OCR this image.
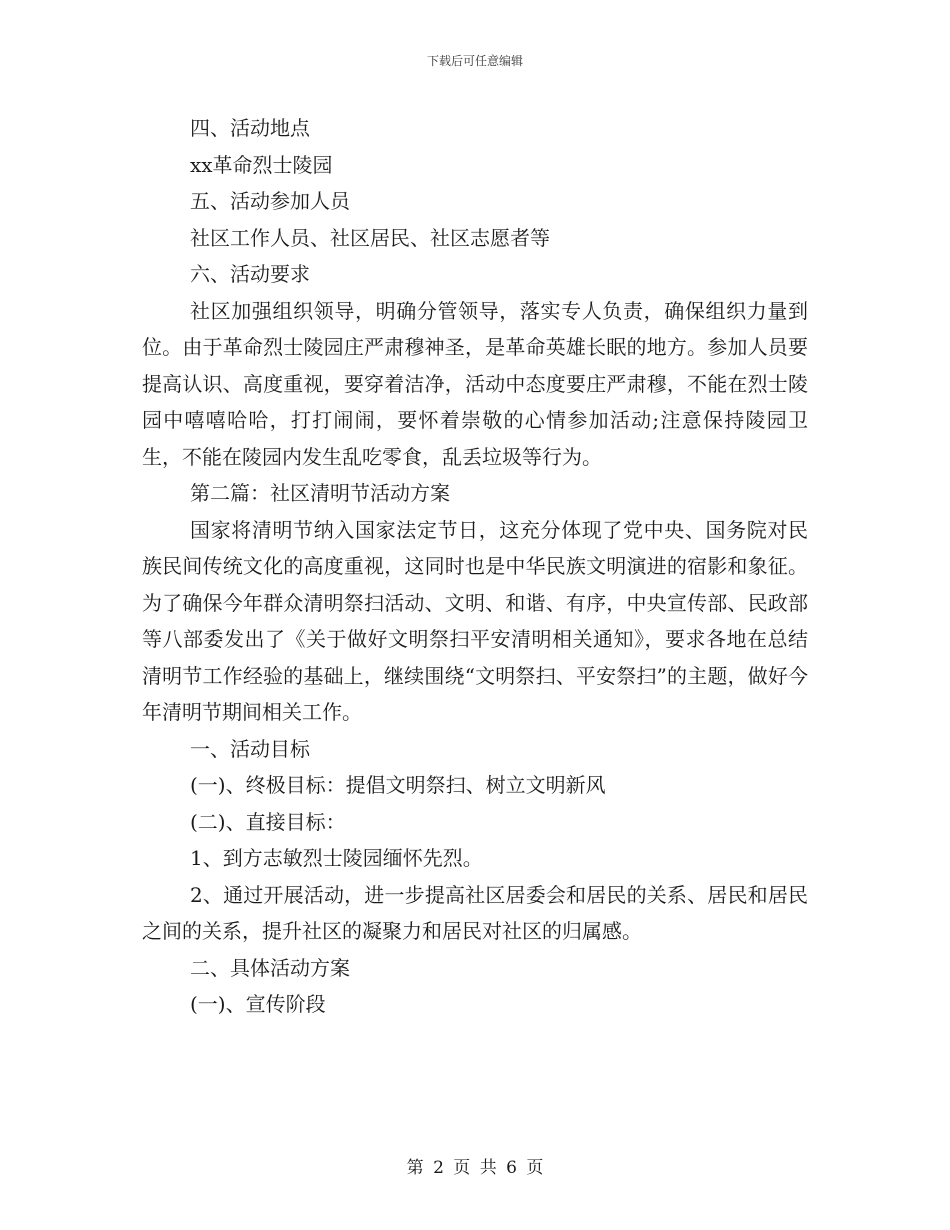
下载后可任意编辑

四、活动地点

xx革命烈士陵园

五、活动参加人员

社区工作人员、社区居民、社区志愿者等

六、活动要求

社区加强组织领导，明确分管领导，落实专人负责，确保组织力量到位。由于革命烈士陵园庄严肃穆神圣，是革命英雄长眠的地方。参加人员要提高认识、高度重视，要穿着洁净，活动中态度要庄严肃穆，不能在烈士陵园中嘻嘻哈哈，打打闹闹，要怀着崇敬的心情参加活动;注意保持陵园卫生，不能在陵园内发生乱吃零食，乱丢垃圾等行为。

第二篇：社区清明节活动方案

国家将清明节纳入国家法定节日，这充分体现了党中央、国务院对民族民间传统文化的高度重视，这同时也是中华民族文明演进的宿影和象征。为了确保今年群众清明祭扫活动、文明、和谐、有序，中央宣传部、民政部等八部委发出了《关于做好文明祭扫平安清明相关通知》，要求各地在总结清明节工作经验的基础上，继续围绕“文明祭扫、平安祭扫”的主题，做好今年清明节期间相关工作。

一、活动目标

(一)、终极目标：提倡文明祭扫、树立文明新风

(二)、直接目标：

1、到方志敏烈士陵园缅怀先烈。

2、通过开展活动，进一步提高社区居委会和居民的关系、居民和居民之间的关系，提升社区的凝聚力和居民对社区的归属感。

二、具体活动方案

(一)、宣传阶段

第 2 页 共 6 页
